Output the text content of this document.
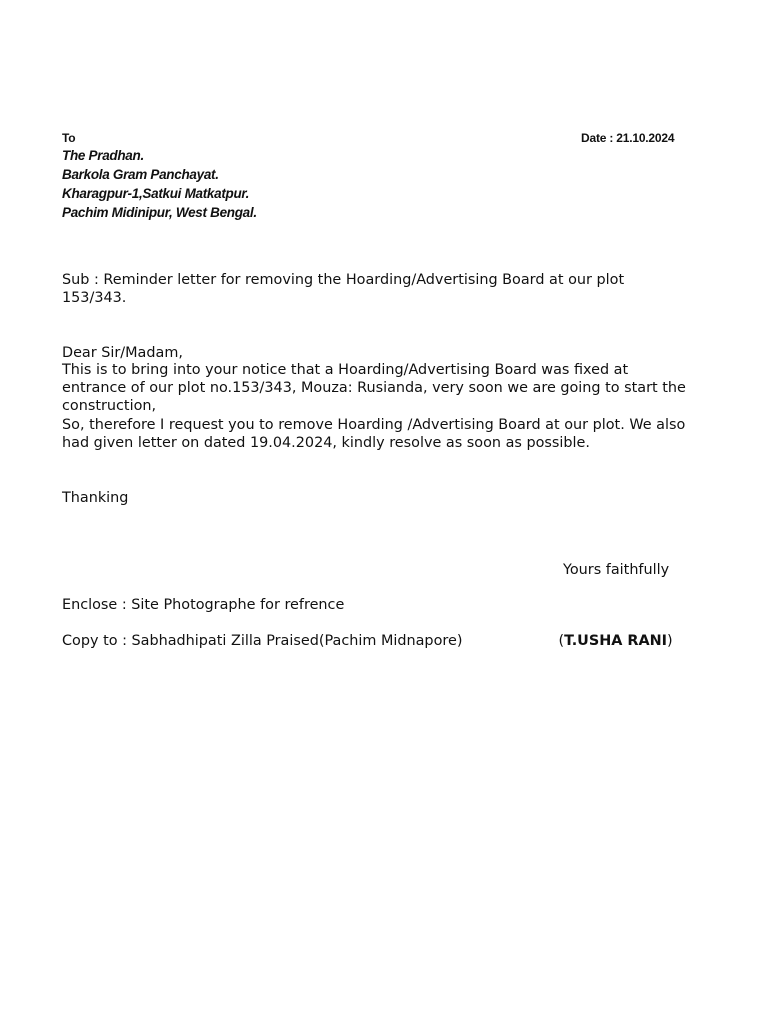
To	Date : 21.10.2024
The Pradhan.
Barkola Gram Panchayat.
Kharagpur-1,Satkui Matkatpur.
Pachim Midinipur, West Bengal.
Sub : Reminder letter for removing the Hoarding/Advertising Board at our plot 153/343.
Dear Sir/Madam,
This is to bring into your notice that a Hoarding/Advertising Board was fixed at entrance of our plot no.153/343, Mouza: Rusianda, very soon we are going to start the construction,
So, therefore I request you to remove Hoarding /Advertising Board at our plot. We also had given letter on dated 19.04.2024, kindly resolve as soon as possible.
Thanking
Yours faithfully
Enclose : Site Photographe for refrence
Copy to : Sabhadhipati Zilla Praised(Pachim Midnapore)	(T.USHA RANI)
